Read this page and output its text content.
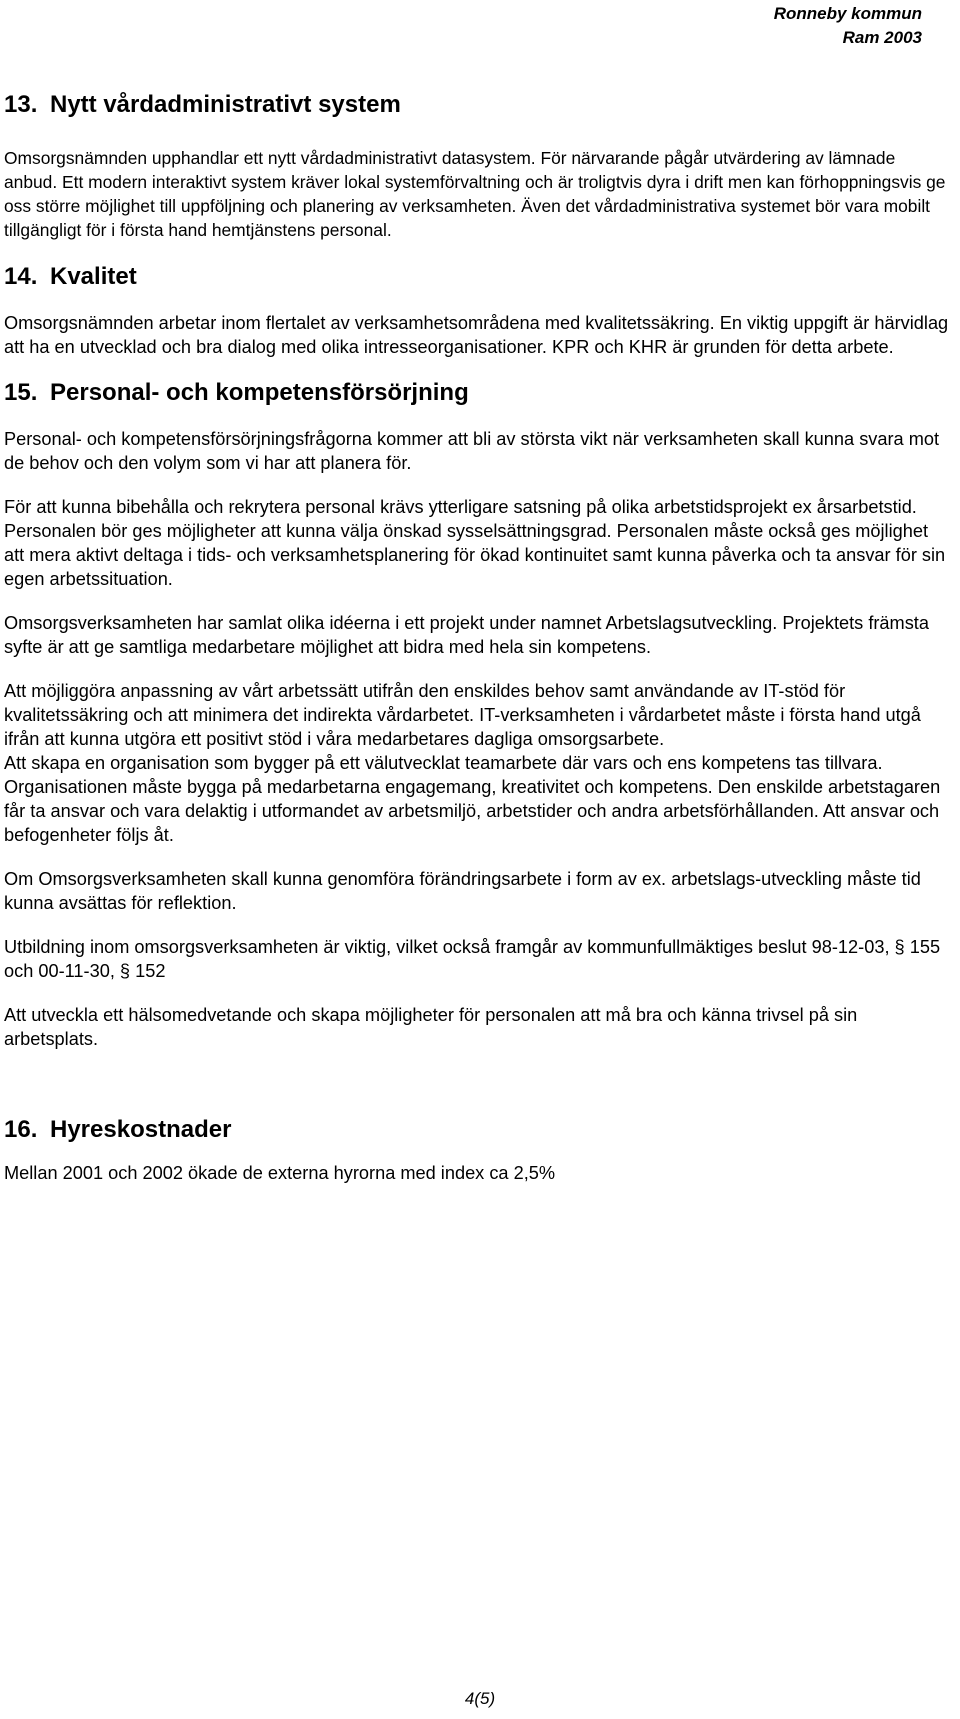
Ronneby kommun
Ram 2003
13. Nytt vårdadministrativt system

Omsorgsnämnden upphandlar ett nytt vårdadministrativt datasystem. För närvarande pågår utvärdering av lämnade anbud. Ett modern interaktivt system kräver lokal systemförvaltning och är troligtvis dyra i drift men kan förhoppningsvis ge oss större möjlighet till uppföljning och planering av verksamheten. Även det vårdadministrativa systemet bör vara mobilt tillgängligt för i första hand hemtjänstens personal.

14. Kvalitet

Omsorgsnämnden arbetar inom flertalet av verksamhetsområdena med kvalitetssäkring. En viktig uppgift är härvidlag att ha en utvecklad och bra dialog med olika intresseorganisationer. KPR och KHR är grunden för detta arbete.

15. Personal- och kompetensförsörjning

Personal- och kompetensförsörjningsfrågorna kommer att bli av största vikt när verksamheten skall kunna svara mot de behov och den volym som vi har att planera för.

För att kunna bibehålla och rekrytera personal krävs ytterligare satsning på olika arbetstidsprojekt ex årsarbetstid. Personalen bör ges möjligheter att kunna välja önskad sysselsättningsgrad. Personalen måste också ges möjlighet att mera aktivt deltaga i tids- och verksamhetsplanering för ökad kontinuitet samt kunna påverka och ta ansvar för sin egen arbetssituation.

Omsorgsverksamheten har samlat olika idéerna i ett projekt under namnet Arbetslagsutveckling. Projektets främsta syfte är att ge samtliga medarbetare möjlighet att bidra med hela sin kompetens.

Att möjliggöra anpassning av vårt arbetssätt utifrån den enskildes behov samt användande av IT-stöd för kvalitetssäkring och att minimera det indirekta vårdarbetet. IT-verksamheten i vårdarbetet måste i första hand utgå ifrån att kunna utgöra ett positivt stöd i våra medarbetares dagliga omsorgsarbete.

Att skapa en organisation som bygger på ett välutvecklat teamarbete där vars och ens kompetens tas tillvara. Organisationen måste bygga på medarbetarna engagemang, kreativitet och kompetens. Den enskilde arbetstagaren får ta ansvar och vara delaktig i utformandet av arbetsmiljö, arbetstider och andra arbetsförhållanden. Att ansvar och befogenheter följs åt.

Om Omsorgsverksamheten skall kunna genomföra förändringsarbete i form av ex. arbetslags-utveckling måste tid kunna avsättas för reflektion.

Utbildning inom omsorgsverksamheten är viktig, vilket också framgår av kommunfullmäktiges beslut 98-12-03, § 155 och 00-11-30, § 152

Att utveckla ett hälsomedvetande och skapa möjligheter för personalen att må bra och känna trivsel på sin arbetsplats.

16. Hyreskostnader

Mellan 2001 och 2002 ökade de externa hyrorna med index ca 2,5%

4(5)
